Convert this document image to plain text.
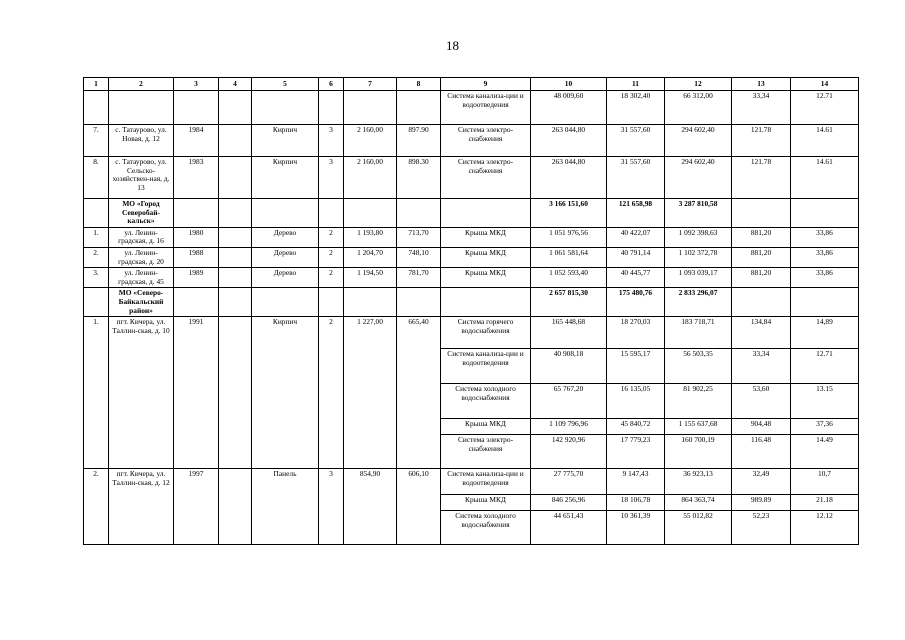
18
1	2	3	4	5	6	7	8	9	10	11	12	13	14
								Система канализа-ции и водоотведения	48 009,60	18 302,40	66 312,00	33,34	12.71
7.	с. Татаурово, ул. Новая, д. 12	1984		Кирпич	3	2 160,00	897.90	Система электро-снабжения	263 044,80	31 557,60	294 602,40	121.78	14.61
8.	с. Татаурово, ул. Сельско-хозяйствен-ная, д. 13	1983		Кирпич	3	2 160,00	898.30	Система электро-снабжения	263 044,80	31 557,60	294 602,40	121.78	14.61
	МО «Город Северобай-кальск»								3 166 151,60	121 658,98	3 287 810,58		
1.	ул. Ленин-градская, д. 16	1980		Дерево	2	1 193,80	713,70	Крыша МКД	1 051 976,56	40 422,07	1 092 398,63	881,20	33,86
2.	ул. Ленин-градская, д. 20	1988		Дерево	2	1 204,70	748,10	Крыша МКД	1 061 581,64	40 791,14	1 102 372,78	881,20	33,86
3.	ул. Ленин-градская, д. 45	1989		Дерево	2	1 194,50	781,70	Крыша МКД	1 052 593,40	40 445,77	1 093 039,17	881,20	33,86
	МО «Северо-Байкальский район»								2 657 815,30	175 480,76	2 833 296,07		
1.	пгт. Кичера, ул. Таллин-ская, д. 10	1991		Кирпич	2	1 227,00	665,40	Система горячего водоснабжения	165 448,68	18 270,03	183 718,71	134,84	14,89
								Система канализа-ции и водоотведения	40 908,18	15 595,17	56 503,35	33,34	12.71
								Система холодного водоснабжения	65 767,20	16 135,05	81 902,25	53,60	13.15
								Крыша МКД	1 109 796,96	45 840,72	1 155 637,68	904,48	37,36
								Система электро-снабжения	142 920,96	17 779,23	160 700,19	116.48	14.49
2.	пгт. Кичера, ул. Таллин-ская, д. 12	1997		Панель	3	854,90	606,10	Система канализа-ции и водоотведения	27 775,70	9 147,43	36 923,13	32,49	10,7
								Крыша МКД	846 256,96	18 106,78	864 363,74	989.89	21.18
								Система холодного водоснабжения	44 651,43	10 361,39	55 012,82	52,23	12.12
